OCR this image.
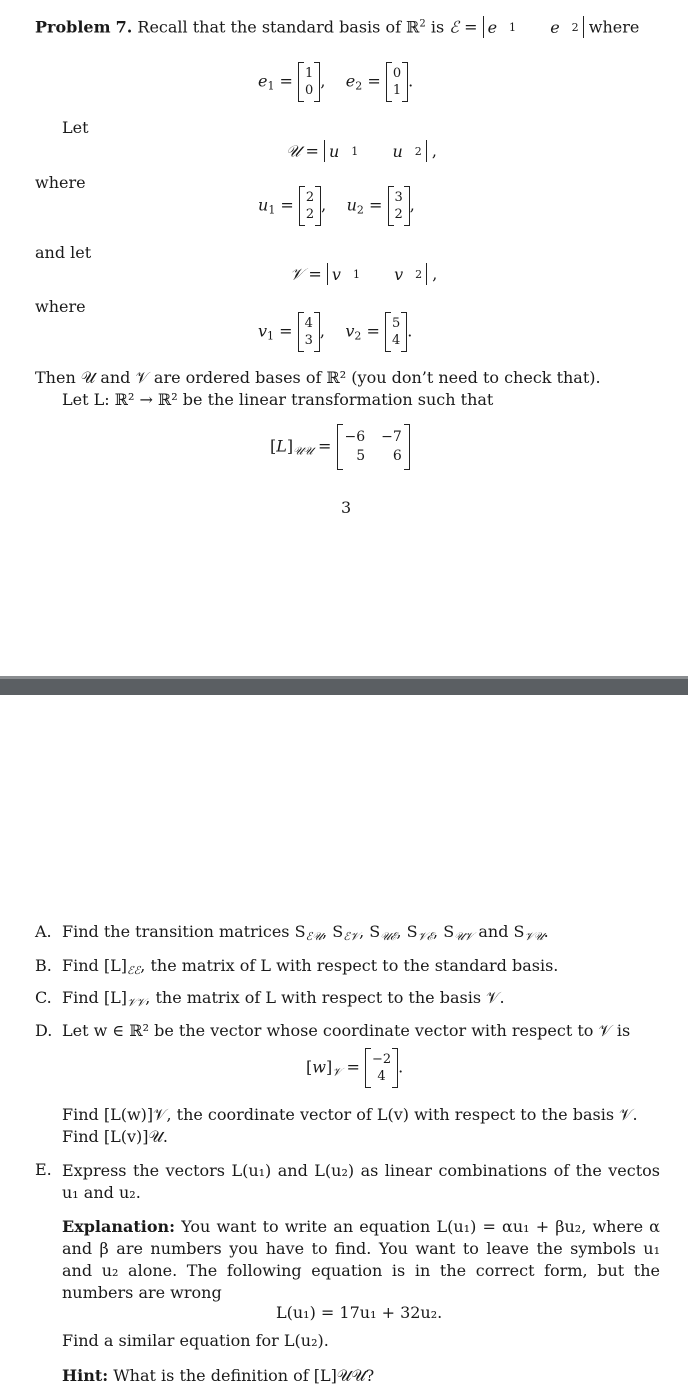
Problem 7. Recall that the standard basis of ℝ$^2$ is ℰ = e 1
e 2 where
$e_1 = 1$
0 ,    $e_2 = 0$
1 .
Let
𝒰 = u 1
u 2 ,
where
$u_1 = 2$
2 ,    $u_2 = 3$
2 ,
and let
𝒱 = v 1
v 2 ,
where
$v_1 = 4$
3 ,    $v_2 = 5$
4 .
Then 𝒰 and 𝒱 are ordered bases of ℝ² (you don’t need to check that).
Let L: ℝ² → ℝ² be the linear transformation such that
$[L]_{𝒰𝒰} = -6 -7$
5	6
3
A. Find the transition matrices $S_{ℰ𝒰}$, $S_{ℰ𝒱}$, $S_{𝒰ℰ}$, $S_{𝒱ℰ}$, $S_{𝒰𝒱}$ and $S_{𝒱𝒰}$.
B. Find $[L]_{ℰℰ}$, the matrix of L with respect to the standard basis.
C. Find $[L]_{𝒱𝒱}$, the matrix of L with respect to the basis 𝒱.
D. Let w ∈ ℝ² be the vector whose coordinate vector with respect to 𝒱 is
$[w]_𝒱 = -2$
4 .
Find [L(w)]𝒱, the coordinate vector of L(v) with respect to the basis 𝒱.
Find [L(v)]𝒰.
E. Express the vectors L(u₁) and L(u₂) as linear combinations of the vectos u₁ and u₂.
Explanation: You want to write an equation L(u₁) = αu₁ + βu₂, where α and β are numbers you have to find. You want to leave the symbols u₁ and u₂ alone. The following equation is in the correct form, but the numbers are wrong
L(u₁) = 17u₁ + 32u₂.
Find a similar equation for L(u₂).
Hint: What is the definition of [L]𝒰𝒰?
